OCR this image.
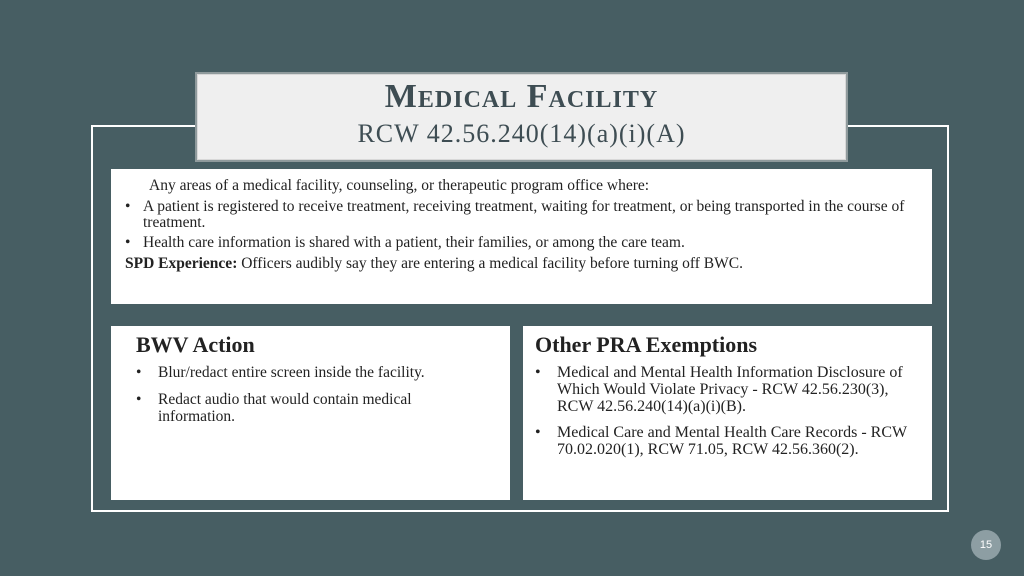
Medical Facility
RCW 42.56.240(14)(a)(i)(A)
Any areas of a medical facility, counseling, or therapeutic program office where:
• A patient is registered to receive treatment, receiving treatment, waiting for treatment, or being transported in the course of treatment.
• Health care information is shared with a patient, their families, or among the care team.
SPD Experience: Officers audibly say they are entering a medical facility before turning off BWC.
BWV Action
• Blur/redact entire screen inside the facility.
• Redact audio that would contain medical information.
Other PRA Exemptions
• Medical and Mental Health Information Disclosure of Which Would Violate Privacy - RCW 42.56.230(3), RCW 42.56.240(14)(a)(i)(B).
• Medical Care and Mental Health Care Records - RCW 70.02.020(1), RCW 71.05, RCW 42.56.360(2).
15
